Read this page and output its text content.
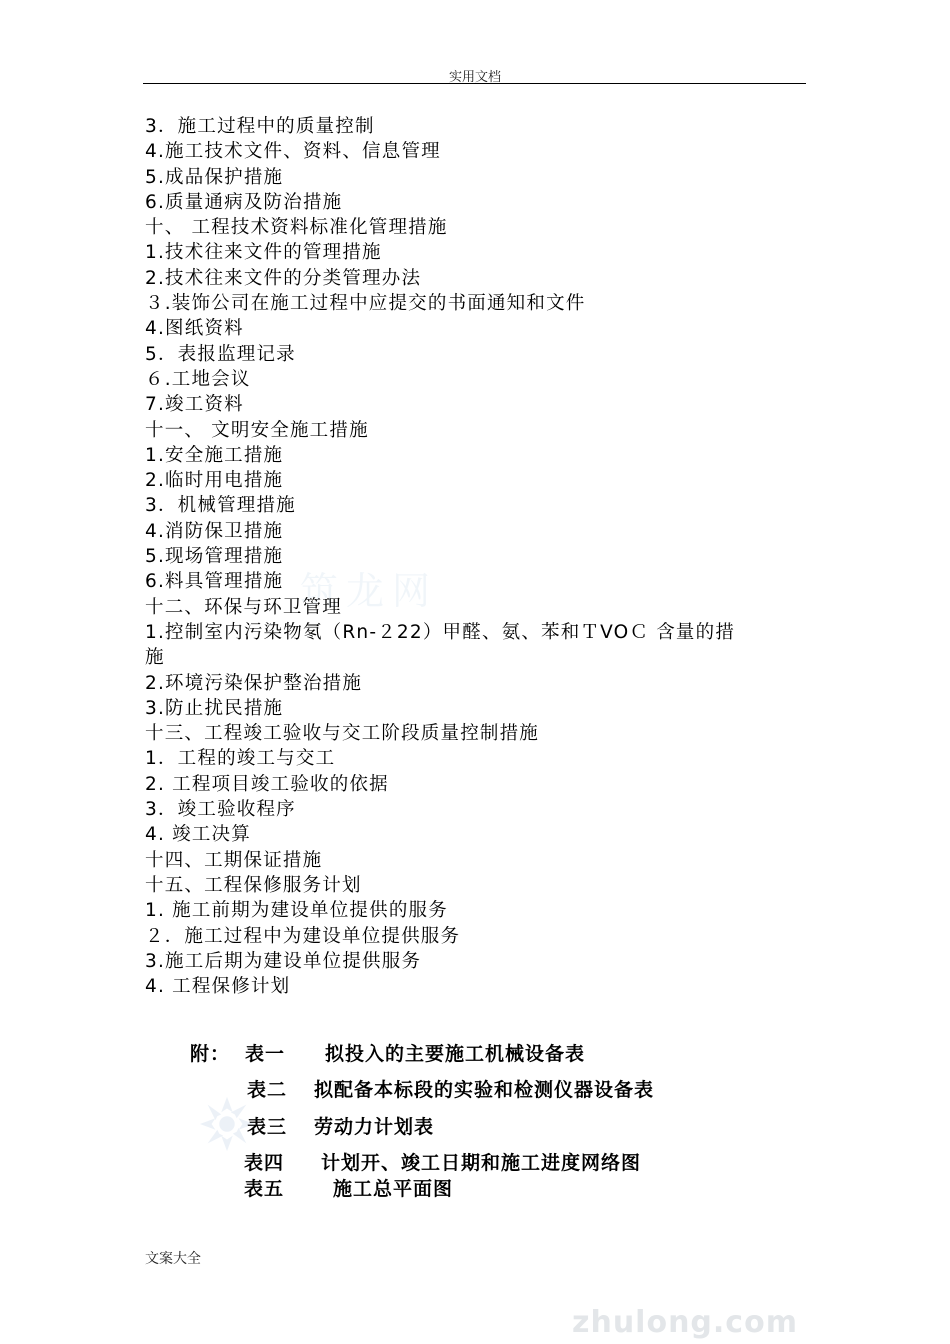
实用文档
筑龙网
3．施工过程中的质量控制
4.施工技术文件、资料、信息管理
5.成品保护措施
6.质量通病及防治措施
十、 工程技术资料标准化管理措施
1.技术往来文件的管理措施
2.技术往来文件的分类管理办法
３.装饰公司在施工过程中应提交的书面通知和文件
4.图纸资料
5．表报监理记录
６.工地会议
7.竣工资料
十一、 文明安全施工措施
1.安全施工措施
2.临时用电措施
3．机械管理措施
4.消防保卫措施
5.现场管理措施
6.料具管理措施
十二、环保与环卫管理
1.控制室内污染物氡（Rn-２22）甲醛、氨、苯和ＴVOＣ 含量的措
施
2.环境污染保护整治措施
3.防止扰民措施
十三、工程竣工验收与交工阶段质量控制措施
1．工程的竣工与交工
2. 工程项目竣工验收的依据
3．竣工验收程序
4. 竣工决算
十四、工期保证措施
十五、工程保修服务计划
1. 施工前期为建设单位提供的服务
２．施工过程中为建设单位提供服务
3.施工后期为建设单位提供服务
4. 工程保修计划
附： 表一 拟投入的主要施工机械设备表
表二 拟配备本标段的实验和检测仪器设备表
表三 劳动力计划表
表四 计划开、竣工日期和施工进度网络图
表五	施工总平面图
文案大全
zhulong.com
